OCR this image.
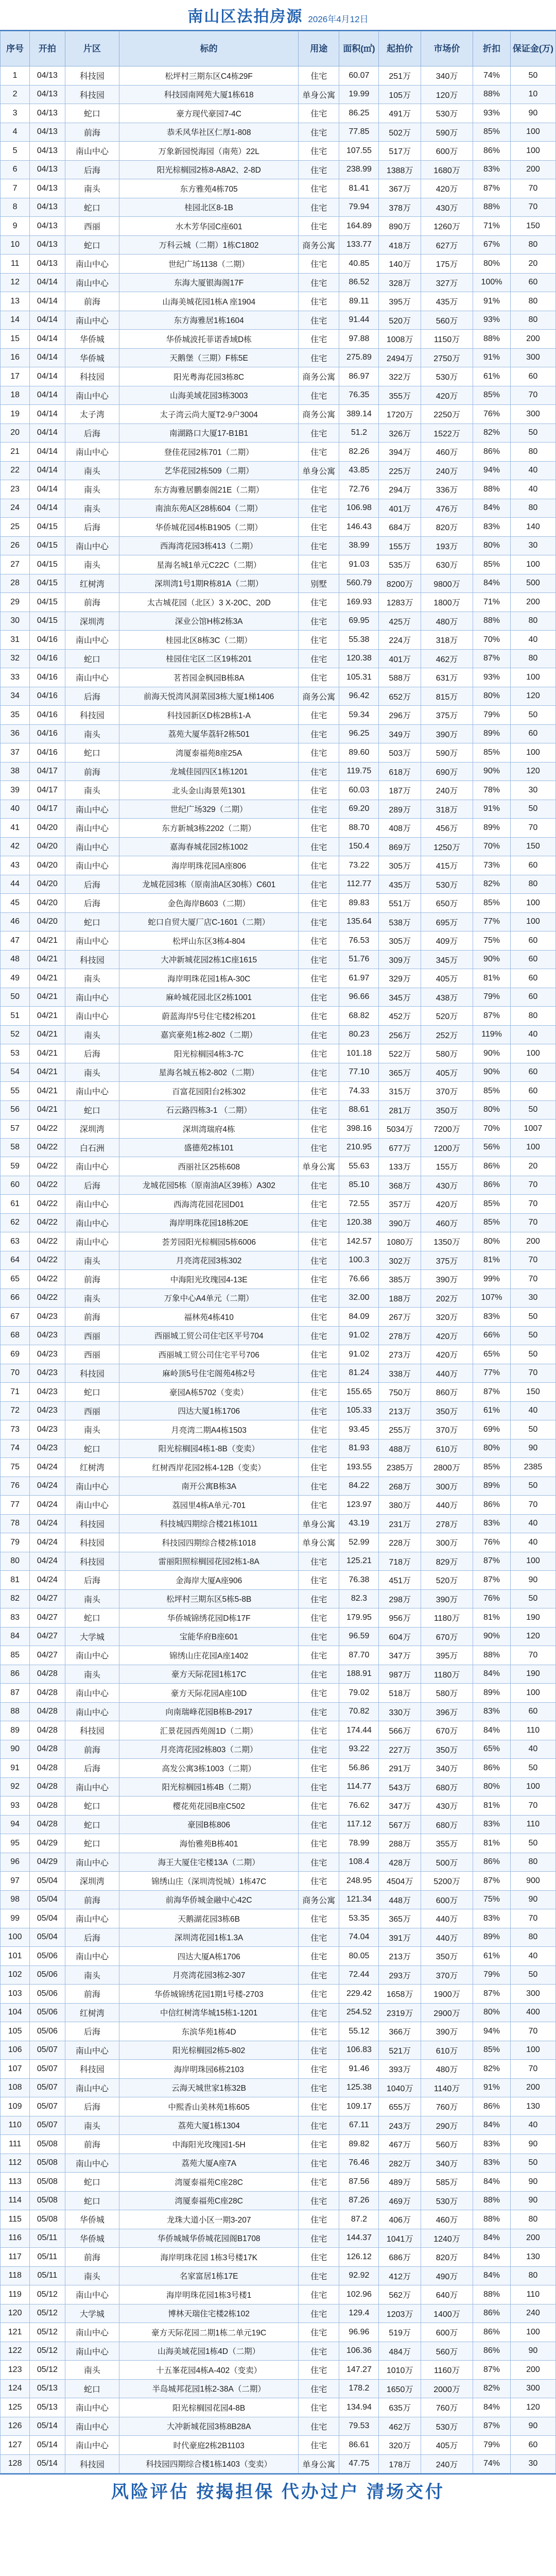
南山区法拍房源 2026年4月12日
序号	开拍	片区	标的	用途	面积(㎡)	起拍价	市场价	折扣	保证金(万)
1	04/13	科技园	松坪村三期东区C4栋29F	住宅	60.07	251万	340万	74%	50
2	04/13	科技园	科技园南网苑大厦1栋618	单身公寓	19.99	105万	120万	88%	10
3	04/13	蛇口	豪方现代豪园7-4C	住宅	86.25	491万	530万	93%	90
4	04/13	前海	恭禾风华社区仁厚1-808	住宅	77.85	502万	590万	85%	100
5	04/13	南山中心	万象新园悦海园（南苑）22L	住宅	107.55	517万	600万	86%	100
6	04/13	后海	阳光棕榈园2栋8-A8A2、2-8D	住宅	238.99	1388万	1680万	83%	200
7	04/13	南头	东方雅苑4栋705	住宅	81.41	367万	420万	87%	70
8	04/13	蛇口	桂园北区8-1B	住宅	79.94	378万	430万	88%	70
9	04/13	西丽	水木芳华园C座601	住宅	164.89	890万	1260万	71%	150
10	04/13	蛇口	万科云城（二期）1栋C1802	商务公寓	133.77	418万	627万	67%	80
11	04/13	南山中心	世纪广场1138（二期）	住宅	40.85	140万	175万	80%	20
12	04/14	南山中心	东海大厦银海阁17F	住宅	86.52	328万	327万	100%	60
13	04/14	前海	山海美城花园1栋A 座1904	住宅	89.11	395万	435万	91%	80
14	04/14	南山中心	东方海雅居1栋1604	住宅	91.44	520万	560万	93%	80
15	04/14	华侨城	华侨城波托菲诺香域D栋	住宅	97.88	1008万	1150万	88%	200
16	04/14	华侨城	天鹅堡（三期）F栋5E	住宅	275.89	2494万	2750万	91%	300
17	04/14	科技园	阳光粤海花园3栋8C	商务公寓	86.97	322万	530万	61%	60
18	04/14	南山中心	山海美域花园3栋3003	住宅	76.35	355万	420万	85%	70
19	04/14	太子湾	太子湾云尚大厦T2-9户3004	商务公寓	389.14	1720万	2250万	76%	300
20	04/14	后海	南湖路口大厦17-B1B1	住宅	51.2	326万	1522万	82%	50
21	04/14	南山中心	登佳花园2栋701（二期）	住宅	82.26	394万	460万	86%	80
22	04/14	南头	艺华花园2栋509（二期）	单身公寓	43.85	225万	240万	94%	40
23	04/14	南头	东方海雅居鹏泰阁21E（二期）	住宅	72.76	294万	336万	88%	40
24	04/14	南头	南油东苑A区28栋604（二期）	住宅	106.98	401万	476万	84%	80
25	04/15	后海	华侨城花园4栋B1905（二期）	住宅	146.43	684万	820万	83%	140
26	04/15	南山中心	西海湾花园3栋413（二期）	住宅	38.99	155万	193万	80%	30
27	04/15	南头	星海名城1单元C22C（二期）	住宅	91.03	535万	630万	85%	100
28	04/15	红树湾	深圳湾1号1期R栋81A（二期）	别墅	560.79	8200万	9800万	84%	500
29	04/15	前海	太古城花园（北区）3 X-20C、20D	住宅	169.93	1283万	1800万	71%	200
30	04/15	深圳湾	深业公馆H栋2栋3A	住宅	69.95	425万	480万	88%	80
31	04/16	南山中心	桂园北区8栋3C（二期）	住宅	55.38	224万	318万	70%	40
32	04/16	蛇口	桂园住宅区二区19栋201	住宅	120.38	401万	462万	87%	80
33	04/16	南山中心	茗苔园金枫园B栋8A	住宅	105.31	588万	631万	93%	100
34	04/16	后海	前海天悦湾风洞菜园3栋大厦1梯1406	商务公寓	96.42	652万	815万	80%	120
35	04/16	科技园	科技园新区D栋2B栋1-A	住宅	59.34	296万	375万	79%	50
36	04/16	南头	荔苑大厦华荔轩2栋501	住宅	96.25	349万	390万	89%	60
37	04/16	蛇口	湾厦泰福苑8座25A	住宅	89.60	503万	590万	85%	100
38	04/17	前海	龙城佳园四区1栋1201	住宅	119.75	618万	690万	90%	120
39	04/17	南头	北头金山海景苑1301	住宅	60.03	187万	240万	78%	30
40	04/17	南山中心	世纪广场329（二期）	住宅	69.20	289万	318万	91%	50
41	04/20	南山中心	东方新城3栋2202（二期）	住宅	88.70	408万	456万	89%	70
42	04/20	南山中心	嘉海春城花园2栋1002	住宅	150.4	869万	1250万	70%	150
43	04/20	南山中心	海岸明珠花园A座806	住宅	73.22	305万	415万	73%	60
44	04/20	后海	龙城花园3栋（原南油A区30栋）C601	住宅	112.77	435万	530万	82%	80
45	04/20	后海	金色海岸B603（二期）	住宅	89.83	551万	650万	85%	100
46	04/20	蛇口	蛇口自贸大厦厂店C-1601（二期）	住宅	135.64	538万	695万	77%	100
47	04/21	南山中心	松坪山东区3栋4-804	住宅	76.53	305万	409万	75%	60
48	04/21	科技园	大冲新城花园2栋1C座1615	住宅	51.76	309万	345万	90%	60
49	04/21	南头	海岸明珠花园1栋A-30C	住宅	61.97	329万	405万	81%	60
50	04/21	南山中心	麻岭城花园北区2栋1001	住宅	96.66	345万	438万	79%	60
51	04/21	南山中心	蔚蓝海岸5号住宅楼2栋201	住宅	68.82	452万	520万	87%	80
52	04/21	南头	嘉宾豪苑1栋2-802（二期）	住宅	80.23	256万	252万	119%	40
53	04/21	后海	阳光棕榈园4栋3-7C	住宅	101.18	522万	580万	90%	100
54	04/21	南头	星海名城五栋2-802（二期）	住宅	77.10	365万	405万	90%	60
55	04/21	南山中心	百富花园阳台2栋302	住宅	74.33	315万	370万	85%	60
56	04/21	蛇口	石云路四栋3-1 （二期）	住宅	88.61	281万	350万	80%	50
57	04/22	深圳湾	深圳湾瑞府4栋	住宅	398.16	5034万	7200万	70%	1007
58	04/22	白石洲	盛德苑2栋101	住宅	210.95	677万	1200万	56%	100
59	04/22	南山中心	西丽社区25栋608	单身公寓	55.63	133万	155万	86%	20
60	04/22	后海	龙城花园5栋（原南油A区39栋）A302	住宅	85.10	368万	430万	86%	70
61	04/22	南山中心	西海湾花园花园D01	住宅	72.55	357万	420万	85%	70
62	04/22	南山中心	海岸明珠花园18栋20E	住宅	120.38	390万	460万	85%	70
63	04/22	南山中心	荟芳园阳光棕榈园5栋6006	住宅	142.57	1080万	1350万	80%	200
64	04/22	南头	月亮湾花园3栋302	住宅	100.3	302万	375万	81%	70
65	04/22	前海	中海阳光玫瑰园4-13E	住宅	76.66	385万	390万	99%	70
66	04/22	南头	万象中心A4单元（二期）	住宅	32.00	188万	202万	107%	30
67	04/23	前海	福林苑4栋410	住宅	84.09	267万	320万	83%	50
68	04/23	西丽	西丽城工贸公司住宅区平号704	住宅	91.02	278万	420万	66%	50
69	04/23	西丽	西丽城工贸公司住宅平号706	住宅	91.02	273万	420万	65%	50
70	04/23	科技园	麻岭顶5号住宅阁苑4栋2号	住宅	81.24	338万	440万	77%	70
71	04/23	蛇口	豪园A栋5702（变卖）	住宅	155.65	750万	860万	87%	150
72	04/23	西丽	四达大厦1栋1706	住宅	105.33	213万	350万	61%	40
73	04/23	南头	月亮湾二期A4栋1503	住宅	93.45	255万	370万	69%	50
74	04/23	蛇口	阳光棕榈园4栋1-8B（变卖）	住宅	81.93	488万	610万	80%	90
75	04/24	红树湾	红树西岸花园2栋4-12B（变卖）	住宅	193.55	2385万	2800万	85%	2385
76	04/24	南山中心	南开公寓B栋3A	住宅	84.22	268万	300万	89%	50
77	04/24	南山中心	荔园里4栋A单元-701	住宅	123.97	380万	440万	86%	70
78	04/24	科技园	科技城四期综合楼21栋1011	单身公寓	43.19	231万	278万	83%	40
79	04/24	科技园	科技园四期综合楼2栋1018	单身公寓	52.99	228万	300万	76%	40
80	04/24	科技园	雷丽阳照棕榈园花园2栋1-8A	住宅	125.21	718万	829万	87%	100
81	04/24	后海	金海岸大厦A座906	住宅	76.38	451万	520万	87%	90
82	04/27	南头	松坪村三期东区5栋5-8B	住宅	82.3	298万	390万	76%	50
83	04/27	蛇口	华侨城锦绣花园D栋17F	住宅	179.95	956万	1180万	81%	190
84	04/27	大学城	宝能华府B座601	住宅	96.59	604万	670万	90%	120
85	04/27	南山中心	锦绣山庄花园A座1402	住宅	87.70	347万	395万	88%	70
86	04/28	南头	豪方天际花园1栋17C	住宅	188.91	987万	1180万	84%	190
87	04/28	南山中心	豪方天际花园A座10D	住宅	79.02	518万	580万	89%	100
88	04/28	南山中心	向南瑞峰花园B栋B-2917	住宅	70.82	330万	396万	83%	60
89	04/28	科技园	汇景花园西苑阁1D（二期）	住宅	174.44	566万	670万	84%	110
90	04/28	前海	月亮湾花园2栋803（二期）	住宅	93.22	227万	350万	65%	40
91	04/28	后海	高发公寓3栋1003（二期）	住宅	56.86	291万	340万	86%	50
92	04/28	南山中心	阳光棕榈园1栋4B（二期）	住宅	114.77	543万	680万	80%	100
93	04/28	蛇口	樱花苑花园B座C502	住宅	76.62	347万	430万	81%	70
94	04/28	蛇口	豪园B栋806	住宅	117.12	567万	680万	83%	110
95	04/29	蛇口	海怡雅苑B栋401	住宅	78.99	288万	355万	81%	50
96	04/29	南山中心	海王大厦住宅楼13A（二期）	住宅	108.4	428万	500万	86%	80
97	05/04	深圳湾	锦绣山庄（深圳湾悦城）1栋47C	住宅	248.95	4504万	5200万	87%	900
98	05/04	前海	前海华侨城金融中心42C	商务公寓	121.34	448万	600万	75%	90
99	05/04	南山中心	天鹅湖花园3栋6B	住宅	53.35	365万	440万	83%	70
100	05/04	后海	深圳湾花园1栋1.3A	住宅	74.04	391万	440万	89%	80
101	05/06	南山中心	四达大厦A栋1706	住宅	80.05	213万	350万	61%	40
102	05/06	南头	月亮湾花园3栋2-307	住宅	72.44	293万	370万	79%	50
103	05/06	前海	华侨城锦绣花园1期1号楼-2703	住宅	229.42	1658万	1900万	87%	300
104	05/06	红树湾	中信红树湾华城15栋1-1201	住宅	254.52	2319万	2900万	80%	400
105	05/06	后海	东滨华苑1栋4D	住宅	55.12	366万	390万	94%	70
106	05/07	南山中心	阳光棕榈园2栋5-802	住宅	106.83	521万	610万	85%	100
107	05/07	科技园	海岸明珠园6栋2103	住宅	91.46	393万	480万	82%	70
108	05/07	南山中心	云海天城世家1栋32B	住宅	125.38	1040万	1140万	91%	200
109	05/07	后海	中熙香山美林苑1栋605	住宅	109.17	655万	760万	86%	130
110	05/07	南头	荔苑大厦1栋1304	住宅	67.11	243万	290万	84%	40
111	05/08	前海	中海阳光玫瑰园1-5H	住宅	89.82	467万	560万	83%	90
112	05/08	南山中心	荔苑大厦A座7A	住宅	76.46	282万	340万	83%	50
113	05/08	蛇口	湾厦泰福苑C座28C	住宅	87.56	489万	585万	84%	90
114	05/08	蛇口	湾厦泰福苑C座28C	住宅	87.26	469万	530万	88%	90
115	05/08	华侨城	龙珠大道小区一期3-207	住宅	87.2	406万	460万	88%	80
116	05/11	华侨城	华侨城城华侨城花园阁B1708	住宅	144.37	1041万	1240万	84%	200
117	05/11	前海	海岸明珠花园 1栋3号楼17K	住宅	126.12	686万	820万	84%	130
118	05/11	南头	名家富居1栋17E	住宅	92.92	412万	490万	84%	80
119	05/12	南山中心	海岸明珠花园1栋3号楼1	住宅	102.96	562万	640万	88%	110
120	05/12	大学城	博林天瑞住宅楼2栋102	住宅	129.4	1203万	1400万	86%	240
121	05/12	南山中心	豪方天际花园二期1栋二单元19C	住宅	96.96	519万	600万	86%	100
122	05/12	南山中心	山海美域花园1栋4D（二期）	住宅	106.36	484万	560万	86%	90
123	05/12	南头	十五峯花园4栋A-402（变卖）	住宅	147.27	1010万	1160万	87%	200
124	05/13	蛇口	半岛城邦花园1栋2-38A（二期）	住宅	178.2	1650万	2000万	82%	300
125	05/13	南山中心	阳光棕榈园花园4-8B	住宅	134.94	635万	760万	84%	120
126	05/14	南山中心	大冲新城花园3栋8B28A	住宅	79.53	462万	530万	87%	90
127	05/14	南山中心	时代豪庭2栋2B1103	住宅	86.61	320万	405万	79%	60
128	05/14	科技园	科技园四期综合楼1栋1403（变卖）	单身公寓	47.75	178万	240万	74%	30
风险评估 按揭担保 代办过户 清场交付
